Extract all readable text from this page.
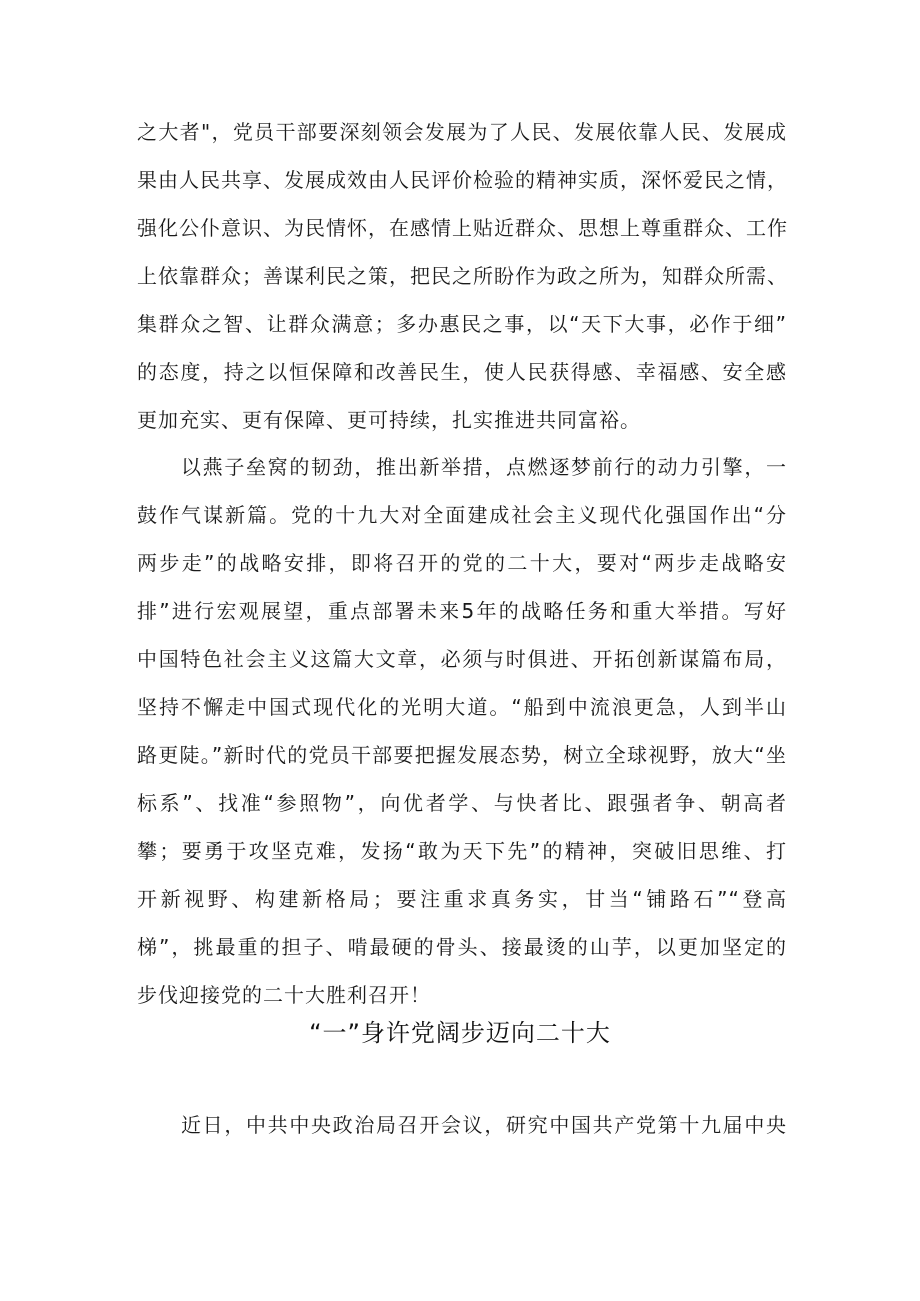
之大者"，党员干部要深刻领会发展为了人民、发展依靠人民、发展成
果由人民共享、发展成效由人民评价检验的精神实质，深怀爱民之情，
强化公仆意识、为民情怀，在感情上贴近群众、思想上尊重群众、工作
上依靠群众；善谋利民之策，把民之所盼作为政之所为，知群众所需、
集群众之智、让群众满意；多办惠民之事，以“天下大事，必作于细”
的态度，持之以恒保障和改善民生，使人民获得感、幸福感、安全感
更加充实、更有保障、更可持续，扎实推进共同富裕。
以燕子垒窝的韧劲，推出新举措，点燃逐梦前行的动力引擎，一
鼓作气谋新篇。党的十九大对全面建成社会主义现代化强国作出“分
两步走”的战略安排，即将召开的党的二十大，要对“两步走战略安
排”进行宏观展望，重点部署未来5年的战略任务和重大举措。写好
中国特色社会主义这篇大文章，必须与时俱进、开拓创新谋篇布局，
坚持不懈走中国式现代化的光明大道。“船到中流浪更急，人到半山
路更陡。”新时代的党员干部要把握发展态势，树立全球视野，放大“坐
标系”、找准“参照物”，向优者学、与快者比、跟强者争、朝高者
攀；要勇于攻坚克难，发扬“敢为天下先”的精神，突破旧思维、打
开新视野、构建新格局；要注重求真务实，甘当“铺路石”“登高
梯”，挑最重的担子、啃最硬的骨头、接最烫的山芋，以更加坚定的
步伐迎接党的二十大胜利召开！
“一”身许党阔步迈向二十大
近日，中共中央政治局召开会议，研究中国共产党第十九届中央
